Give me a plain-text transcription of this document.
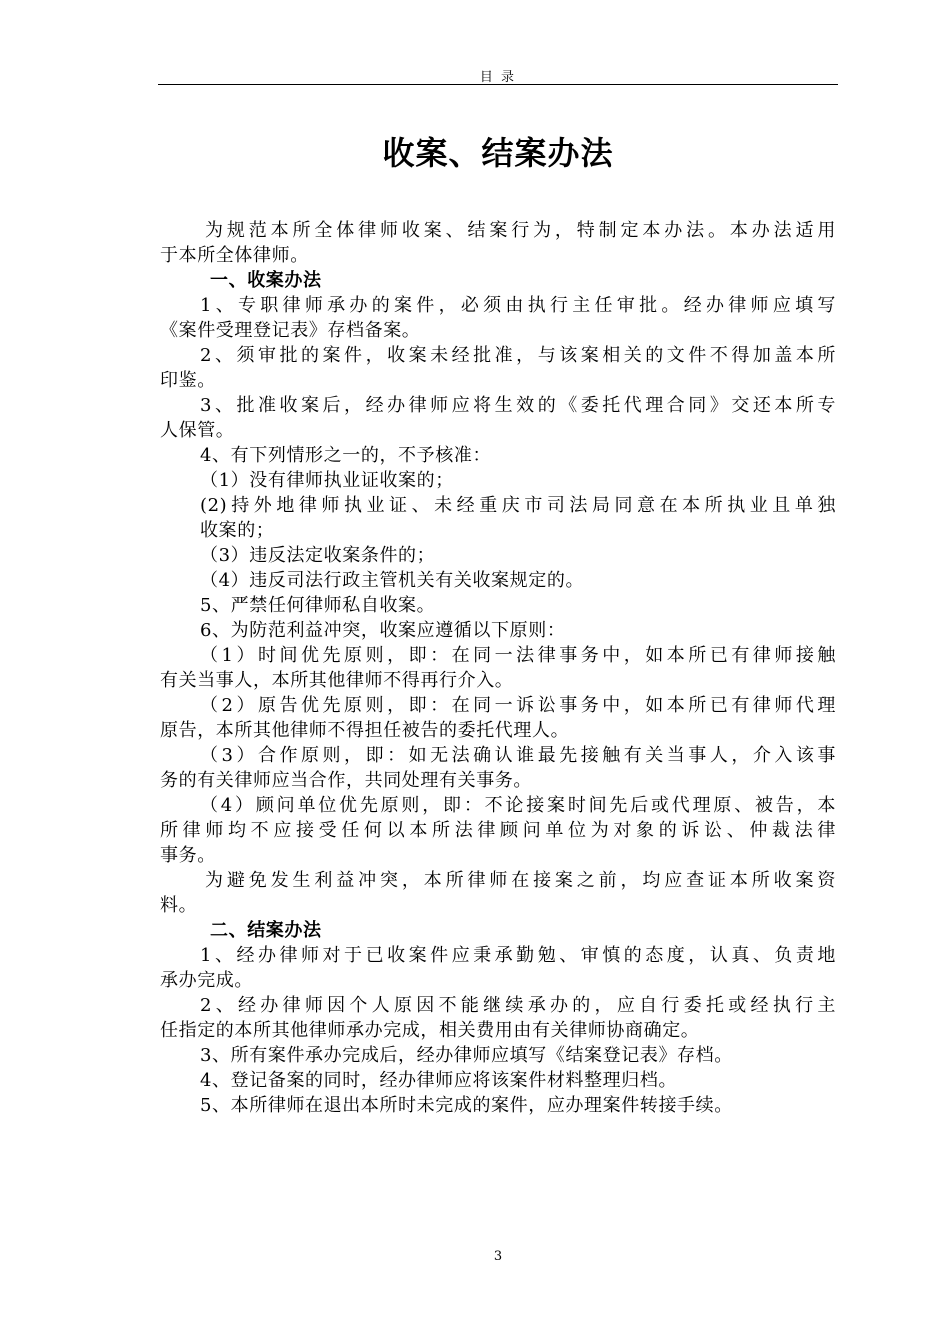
目 录
收案、结案办法
为规范本所全体律师收案、结案行为，特制定本办法。本办法适用
于本所全体律师。
一、收案办法
1、专职律师承办的案件，必须由执行主任审批。经办律师应填写
《案件受理登记表》存档备案。
2、须审批的案件，收案未经批准，与该案相关的文件不得加盖本所
印鉴。
3、批准收案后，经办律师应将生效的《委托代理合同》交还本所专
人保管。
4、有下列情形之一的，不予核准：
（1）没有律师执业证收案的；
(2)持外地律师执业证、未经重庆市司法局同意在本所执业且单独
收案的；
（3）违反法定收案条件的；
（4）违反司法行政主管机关有关收案规定的。
5、严禁任何律师私自收案。
6、为防范利益冲突，收案应遵循以下原则：
（1）时间优先原则，即：在同一法律事务中，如本所已有律师接触
有关当事人，本所其他律师不得再行介入。
（2）原告优先原则，即：在同一诉讼事务中，如本所已有律师代理
原告，本所其他律师不得担任被告的委托代理人。
（3）合作原则，即：如无法确认谁最先接触有关当事人，介入该事
务的有关律师应当合作，共同处理有关事务。
（4）顾问单位优先原则，即：不论接案时间先后或代理原、被告，本
所律师均不应接受任何以本所法律顾问单位为对象的诉讼、仲裁法律
事务。
为避免发生利益冲突，本所律师在接案之前，均应查证本所收案资
料。
二、结案办法
1、经办律师对于已收案件应秉承勤勉、审慎的态度，认真、负责地
承办完成。
2、经办律师因个人原因不能继续承办的，应自行委托或经执行主
任指定的本所其他律师承办完成，相关费用由有关律师协商确定。
3、所有案件承办完成后，经办律师应填写《结案登记表》存档。
4、登记备案的同时，经办律师应将该案件材料整理归档。
5、本所律师在退出本所时未完成的案件，应办理案件转接手续。
3
